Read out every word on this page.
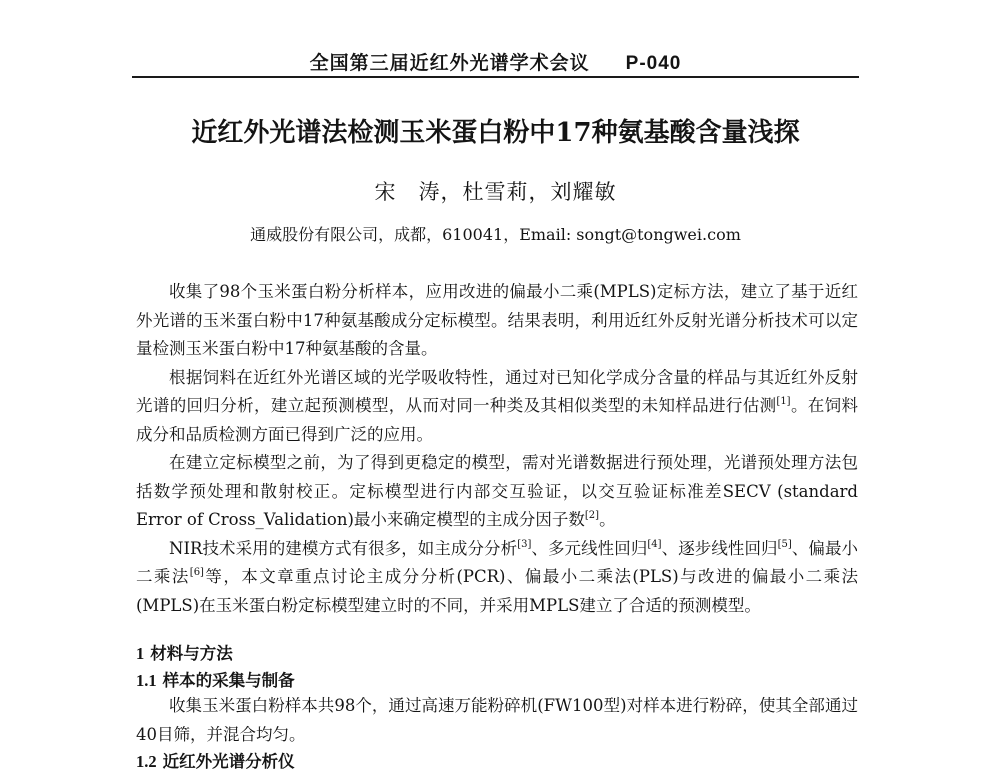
全国第三届近红外光谱学术会议 P-040
近红外光谱法检测玉米蛋白粉中17种氨基酸含量浅探
宋　涛，杜雪莉，刘耀敏
通威股份有限公司，成都，610041，Email: songt@tongwei.com

收集了98个玉米蛋白粉分析样本，应用改进的偏最小二乘(MPLS)定标方法，建立了基于近红外光谱的玉米蛋白粉中17种氨基酸成分定标模型。结果表明，利用近红外反射光谱分析技术可以定量检测玉米蛋白粉中17种氨基酸的含量。

根据饲料在近红外光谱区域的光学吸收特性，通过对已知化学成分含量的样品与其近红外反射光谱的回归分析，建立起预测模型，从而对同一种类及其相似类型的未知样品进行估测[1]。在饲料成分和品质检测方面已得到广泛的应用。

在建立定标模型之前，为了得到更稳定的模型，需对光谱数据进行预处理，光谱预处理方法包括数学预处理和散射校正。定标模型进行内部交互验证，以交互验证标准差SECV (standard Error of Cross_Validation)最小来确定模型的主成分因子数[2]。

NIR技术采用的建模方式有很多，如主成分分析[3]、多元线性回归[4]、逐步线性回归[5]、偏最小二乘法[6]等，本文章重点讨论主成分分析(PCR)、偏最小二乘法(PLS)与改进的偏最小二乘法(MPLS)在玉米蛋白粉定标模型建立时的不同，并采用MPLS建立了合适的预测模型。

1 材料与方法
1.1 样本的采集与制备

收集玉米蛋白粉样本共98个，通过高速万能粉碎机(FW100型)对样本进行粉碎，使其全部通过40目筛，并混合均匀。

1.2 近红外光谱分析仪
